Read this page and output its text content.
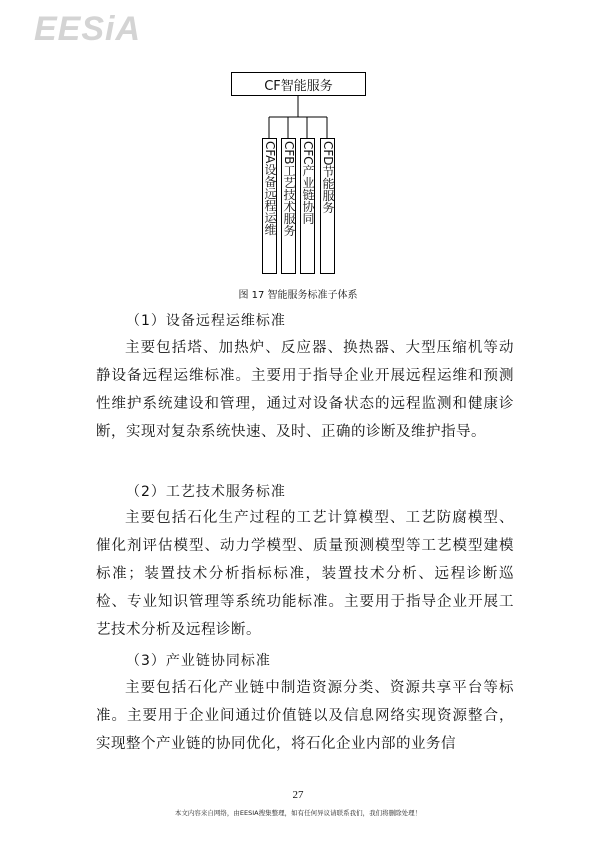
EESiA
CF智能服务
CFA设备远程运维 CFB工艺技术服务 CFC产业链协同 CFD节能服务
图 17 智能服务标准子体系
（1）设备远程运维标准
主要包括塔、加热炉、反应器、换热器、大型压缩机等动静设备远程运维标准。主要用于指导企业开展远程运维和预测性维护系统建设和管理，通过对设备状态的远程监测和健康诊断，实现对复杂系统快速、及时、正确的诊断及维护指导。
（2）工艺技术服务标准
主要包括石化生产过程的工艺计算模型、工艺防腐模型、催化剂评估模型、动力学模型、质量预测模型等工艺模型建模标准；装置技术分析指标标准，装置技术分析、远程诊断巡检、专业知识管理等系统功能标准。主要用于指导企业开展工艺技术分析及远程诊断。
（3）产业链协同标准
主要包括石化产业链中制造资源分类、资源共享平台等标准。主要用于企业间通过价值链以及信息网络实现资源整合，实现整个产业链的协同优化，将石化企业内部的业务信
27
本文内容来自网络，由EESIA搜集整理，如有任何异议请联系我们，我们将删除处理！
